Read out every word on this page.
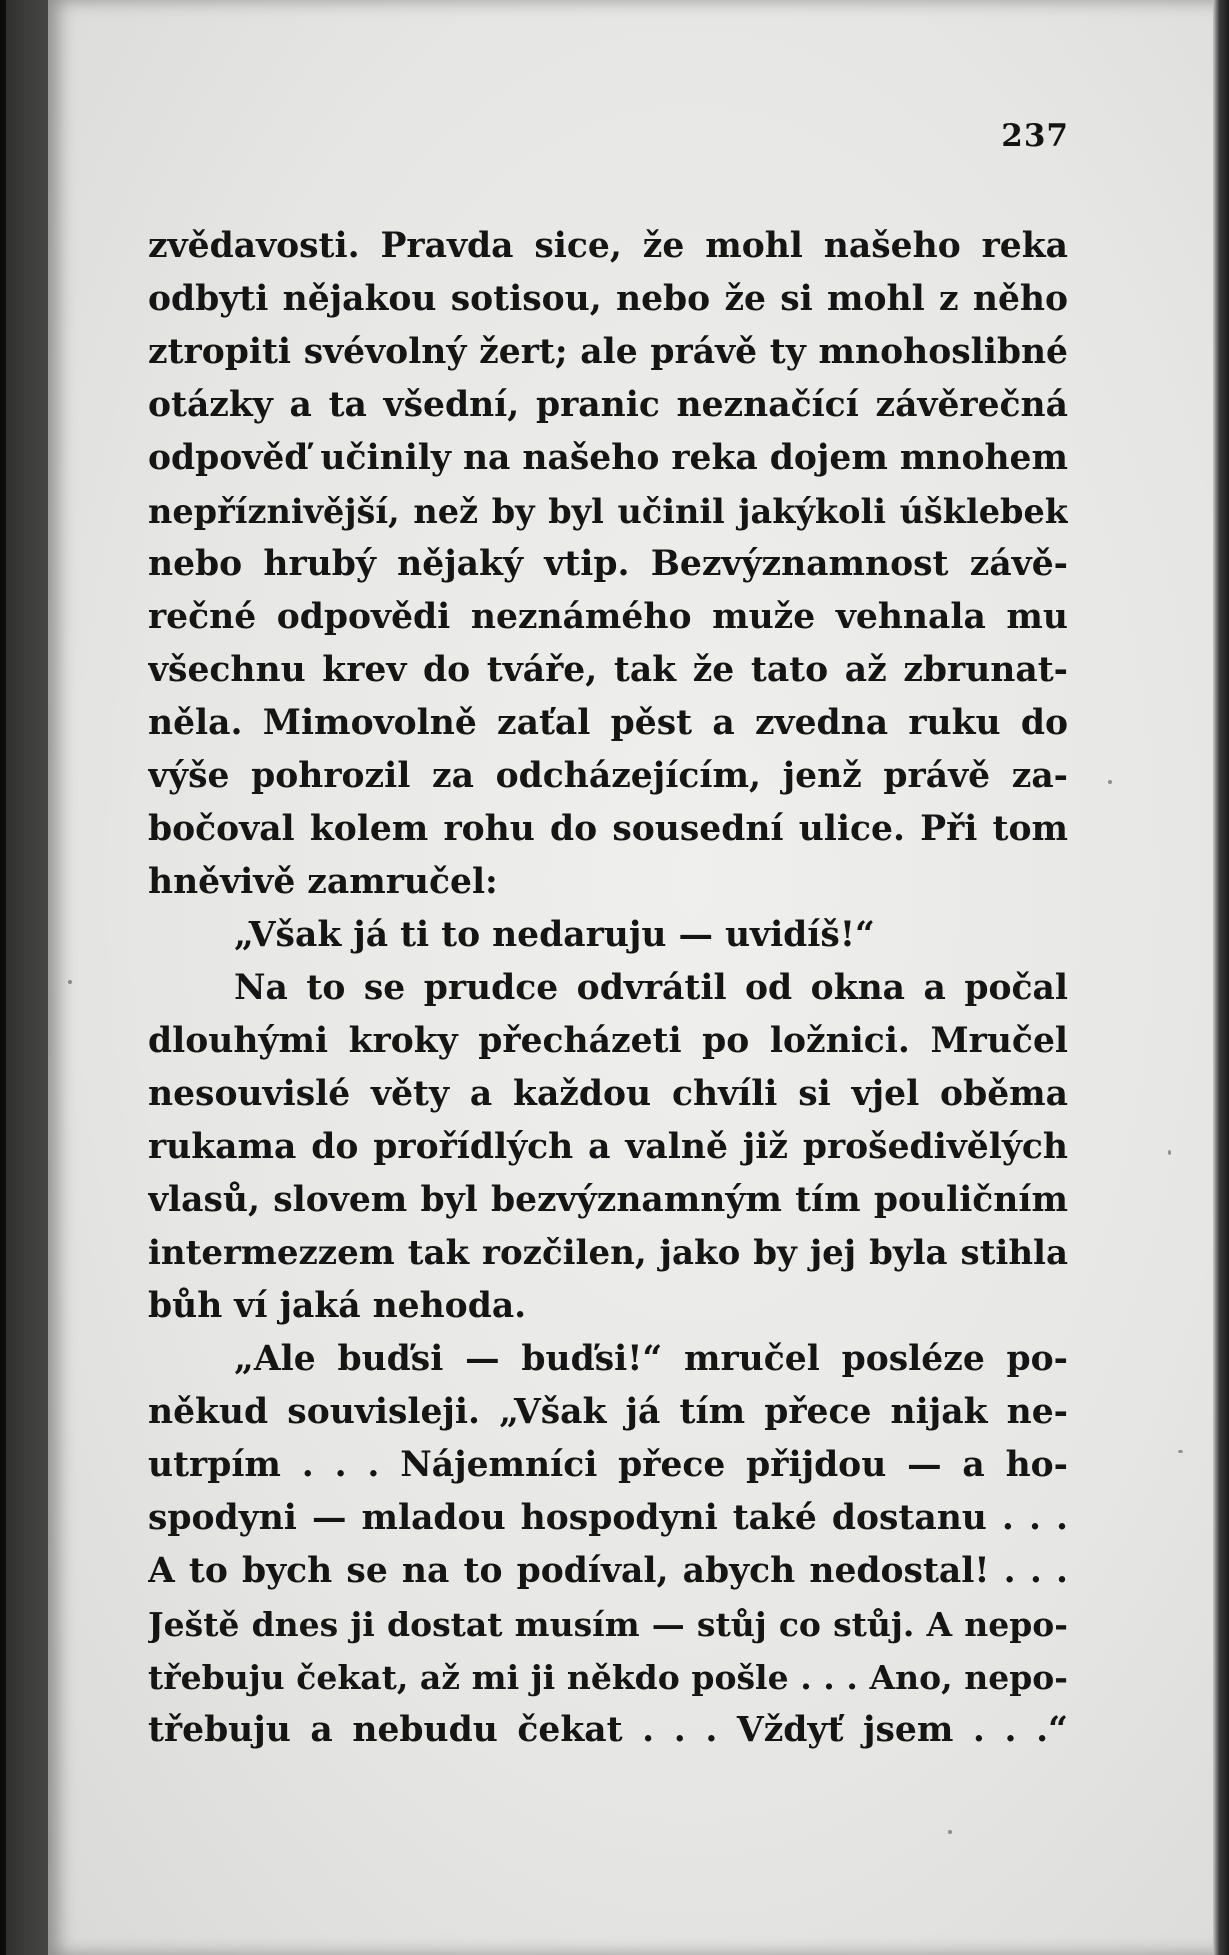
237
zvědavosti. Pravda sice, že mohl našeho reka
odbyti nějakou sotisou, nebo že si mohl z něho
ztropiti svévolný žert; ale právě ty mnohoslibné
otázky a ta všední, pranic neznačící závěrečná
odpověď učinily na našeho reka dojem mnohem
nepříznivější, než by byl učinil jakýkoli úšklebek
nebo hrubý nějaký vtip. Bezvýznamnost závě-
rečné odpovědi neznámého muže vehnala mu
všechnu krev do tváře, tak že tato až zbrunat-
něla. Mimovolně zaťal pěst a zvedna ruku do
výše pohrozil za odcházejícím, jenž právě za-
bočoval kolem rohu do sousední ulice. Při tom
hněvivě zamručel:
„Však já ti to nedaruju — uvidíš!“
Na to se prudce odvrátil od okna a počal
dlouhými kroky přecházeti po ložnici. Mručel
nesouvislé věty a každou chvíli si vjel oběma
rukama do prořídlých a valně již prošedivělých
vlasů, slovem byl bezvýznamným tím pouličním
intermezzem tak rozčilen, jako by jej byla stihla
bůh ví jaká nehoda.
„Ale buďsi — buďsi!“ mručel posléze po-
někud souvisleji. „Však já tím přece nijak ne-
utrpím . . . Nájemníci přece přijdou — a ho-
spodyni — mladou hospodyni také dostanu . . .
A to bych se na to podíval, abych nedostal! . . .
Ještě dnes ji dostat musím — stůj co stůj. A nepo-
třebuju čekat, až mi ji někdo pošle . . . Ano, nepo-
třebuju a nebudu čekat . . . Vždyť jsem . . .“
